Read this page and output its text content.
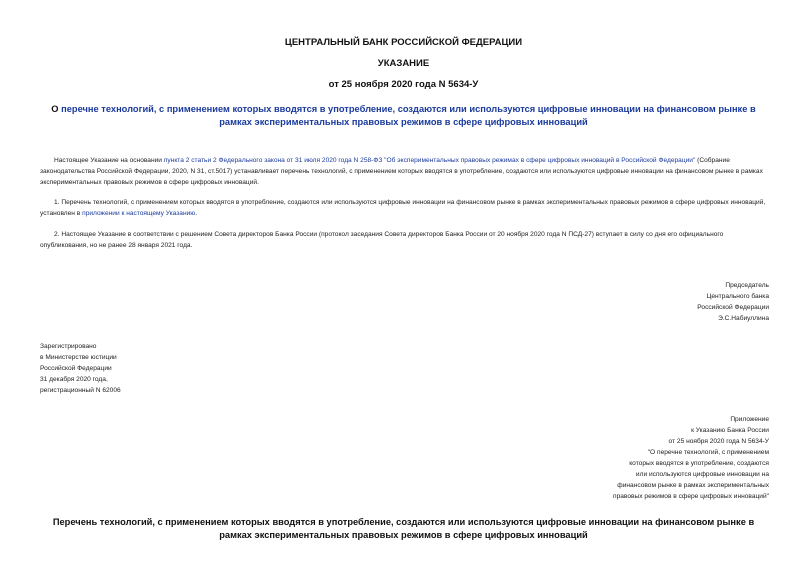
ЦЕНТРАЛЬНЫЙ БАНК РОССИЙСКОЙ ФЕДЕРАЦИИ
УКАЗАНИЕ
от 25 ноября 2020 года N 5634-У
О перечне технологий, с применением которых вводятся в употребление, создаются или используются цифровые инновации на финансовом рынке в рамках экспериментальных правовых режимов в сфере цифровых инноваций
Настоящее Указание на основании пункта 2 статьи 2 Федерального закона от 31 июля 2020 года N 258-ФЗ "Об экспериментальных правовых режимах в сфере цифровых инноваций в Российской Федерации" (Собрание законодательства Российской Федерации, 2020, N 31, ст.5017) устанавливает перечень технологий, с применением которых вводятся в употребление, создаются или используются цифровые инновации на финансовом рынке в рамках экспериментальных правовых режимов в сфере цифровых инноваций.
1. Перечень технологий, с применением которых вводятся в употребление, создаются или используются цифровые инновации на финансовом рынке в рамках экспериментальных правовых режимов в сфере цифровых инноваций, установлен в приложении к настоящему Указанию.
2. Настоящее Указание в соответствии с решением Совета директоров Банка России (протокол заседания Совета директоров Банка России от 20 ноября 2020 года N ПСД-27) вступает в силу со дня его официального опубликования, но не ранее 28 января 2021 года.
Председатель
Центрального банка
Российской Федерации
Э.С.Набиуллина
Зарегистрировано
в Министерстве юстиции
Российской Федерации
31 декабря 2020 года,
регистрационный N 62006
Приложение
к Указанию Банка России
от 25 ноября 2020 года N 5634-У
"О перечне технологий, с применением
которых вводятся в употребление, создаются
или используются цифровые инновации на
финансовом рынке в рамках экспериментальных
правовых режимов в сфере цифровых инноваций"
Перечень технологий, с применением которых вводятся в употребление, создаются или используются цифровые инновации на финансовом рынке в рамках экспериментальных правовых режимов в сфере цифровых инноваций
